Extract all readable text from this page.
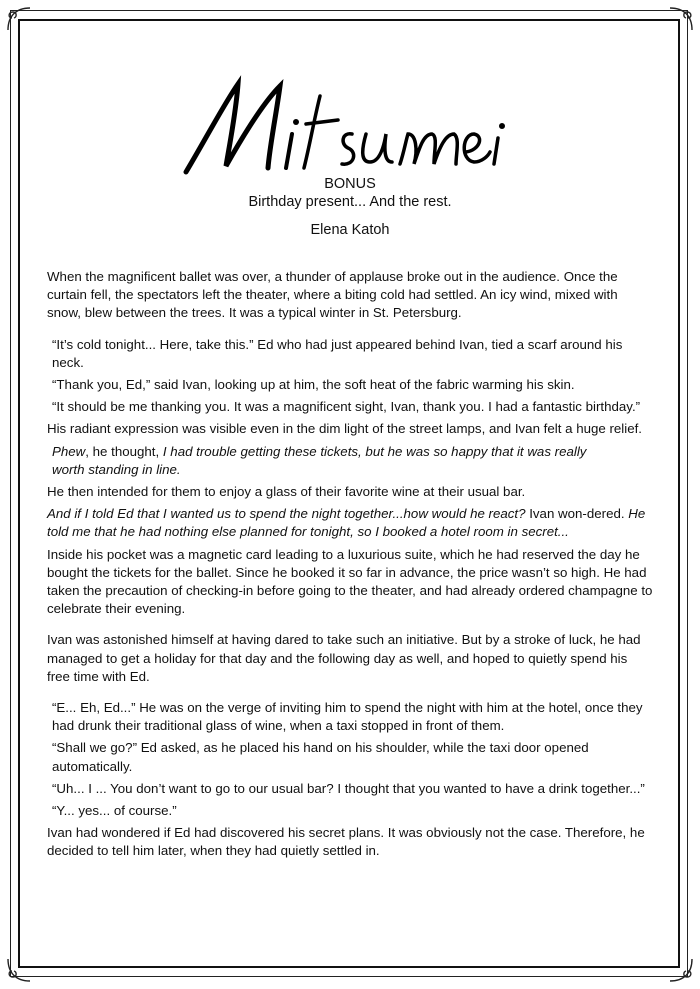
BONUS
Birthday present... And the rest.
Elena Katoh

When the magnificent ballet was over, a thunder of applause broke out in the audience. Once the curtain fell, the spectators left the theater, where a biting cold had settled. An icy wind, mixed with snow, blew between the trees. It was a typical winter in St. Petersburg.

“It’s cold tonight... Here, take this.” Ed who had just appeared behind Ivan, tied a scarf around his neck.

“Thank you, Ed,” said Ivan, looking up at him, the soft heat of the fabric warming his skin.

“It should be me thanking you. It was a magnificent sight, Ivan, thank you. I had a fantastic birthday.”

His radiant expression was visible even in the dim light of the street lamps, and Ivan felt a huge relief.

Phew, he thought, I had trouble getting these tickets, but he was so happy that it was really worth standing in line.

He then intended for them to enjoy a glass of their favorite wine at their usual bar.

And if I told Ed that I wanted us to spend the night together...how would he react? Ivan won-dered. He told me that he had nothing else planned for tonight, so I booked a hotel room in secret...

Inside his pocket was a magnetic card leading to a luxurious suite, which he had reserved the day he bought the tickets for the ballet. Since he booked it so far in advance, the price wasn’t so high. He had taken the precaution of checking-in before going to the theater, and had already ordered champagne to celebrate their evening.

Ivan was astonished himself at having dared to take such an initiative. But by a stroke of luck, he had managed to get a holiday for that day and the following day as well, and hoped to quietly spend his free time with Ed.

“E... Eh, Ed...” He was on the verge of inviting him to spend the night with him at the hotel, once they had drunk their traditional glass of wine, when a taxi stopped in front of them.

“Shall we go?” Ed asked, as he placed his hand on his shoulder, while the taxi door opened automatically.

“Uh... I ... You don’t want to go to our usual bar? I thought that you wanted to have a drink together...”

“Y... yes... of course.”

Ivan had wondered if Ed had discovered his secret plans. It was obviously not the case. Therefore, he decided to tell him later, when they had quietly settled in.
